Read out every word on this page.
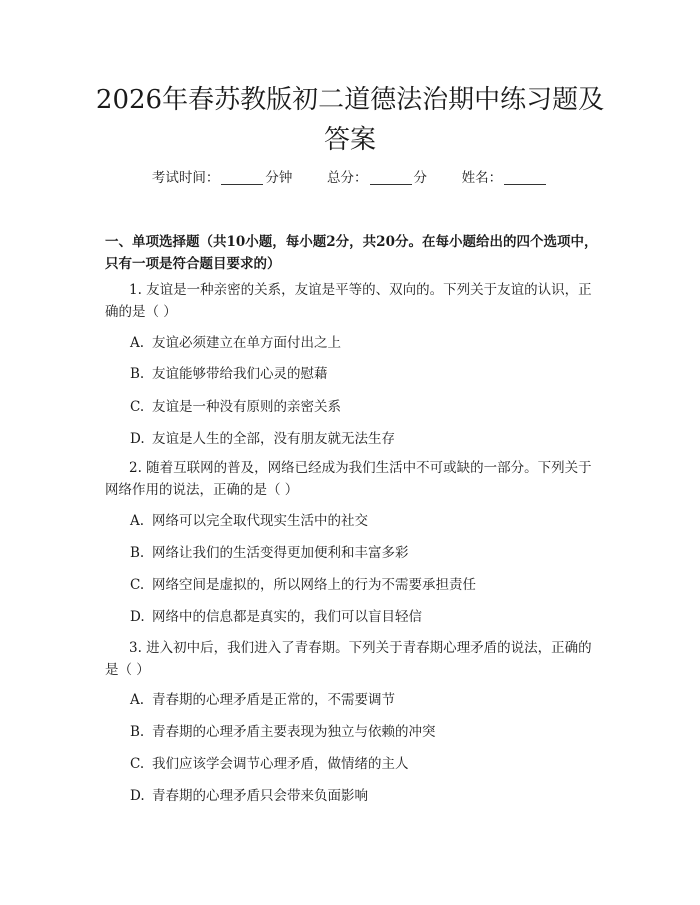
2026年春苏教版初二道德法治期中练习题及
答案
考试时间：	分钟	总分：	分	姓名：

一、单项选择题（共10小题，每小题2分，共20分。在每小题给出的四个选项中，只有一项是符合题目要求的）

1. 友谊是一种亲密的关系，友谊是平等的、双向的。下列关于友谊的认识，正确的是（ ）

A. 友谊必须建立在单方面付出之上
B. 友谊能够带给我们心灵的慰藉
C. 友谊是一种没有原则的亲密关系
D. 友谊是人生的全部，没有朋友就无法生存

2. 随着互联网的普及，网络已经成为我们生活中不可或缺的一部分。下列关于网络作用的说法，正确的是（ ）

A. 网络可以完全取代现实生活中的社交
B. 网络让我们的生活变得更加便利和丰富多彩
C. 网络空间是虚拟的，所以网络上的行为不需要承担责任
D. 网络中的信息都是真实的，我们可以盲目轻信

3. 进入初中后，我们进入了青春期。下列关于青春期心理矛盾的说法，正确的是（ ）

A. 青春期的心理矛盾是正常的，不需要调节
B. 青春期的心理矛盾主要表现为独立与依赖的冲突
C. 我们应该学会调节心理矛盾，做情绪的主人
D. 青春期的心理矛盾只会带来负面影响
